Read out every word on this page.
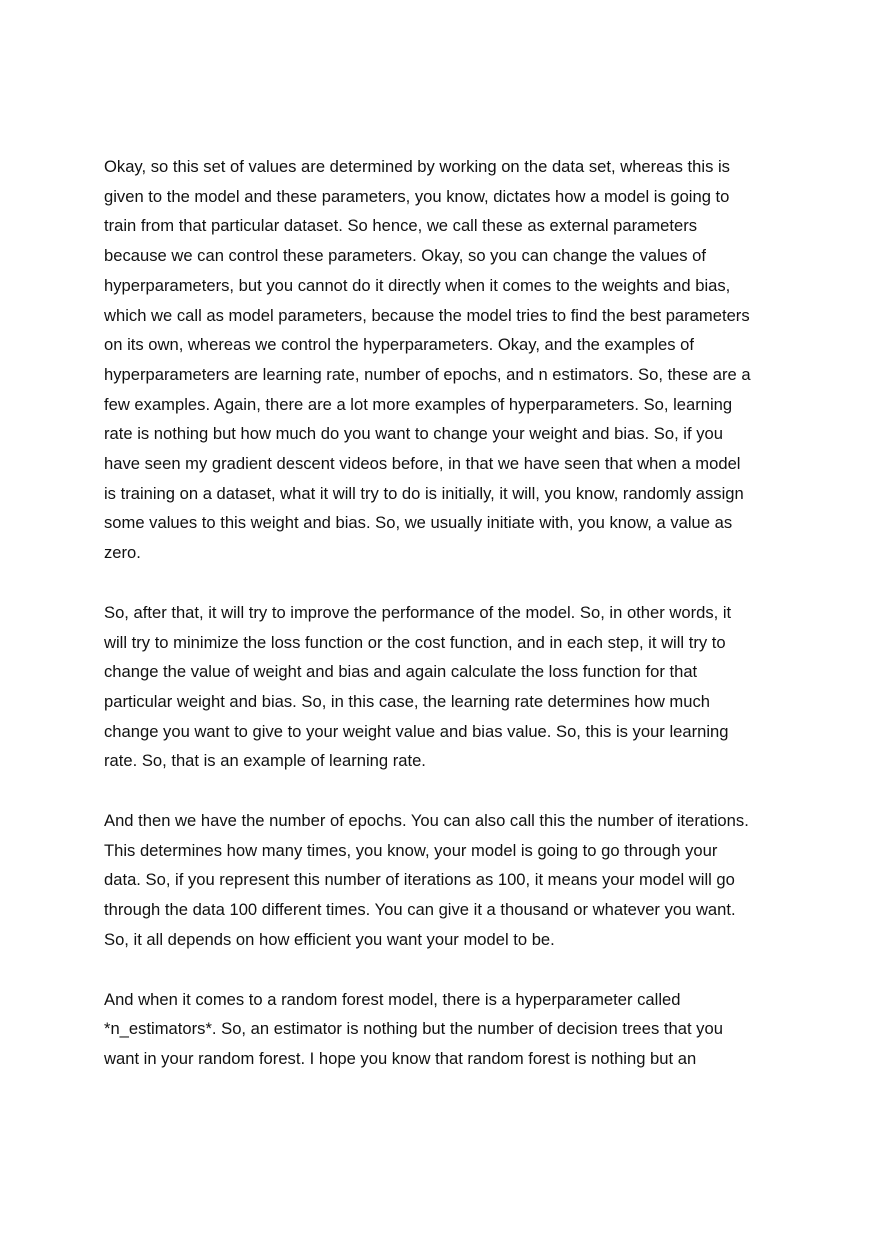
Okay, so this set of values are determined by working on the data set, whereas this is
given to the model and these parameters, you know, dictates how a model is going to
train from that particular dataset. So hence, we call these as external parameters
because we can control these parameters. Okay, so you can change the values of
hyperparameters, but you cannot do it directly when it comes to the weights and bias,
which we call as model parameters, because the model tries to find the best parameters
on its own, whereas we control the hyperparameters. Okay, and the examples of
hyperparameters are learning rate, number of epochs, and n estimators. So, these are a
few examples. Again, there are a lot more examples of hyperparameters. So, learning
rate is nothing but how much do you want to change your weight and bias. So, if you
have seen my gradient descent videos before, in that we have seen that when a model
is training on a dataset, what it will try to do is initially, it will, you know, randomly assign
some values to this weight and bias. So, we usually initiate with, you know, a value as
zero.

So, after that, it will try to improve the performance of the model. So, in other words, it
will try to minimize the loss function or the cost function, and in each step, it will try to
change the value of weight and bias and again calculate the loss function for that
particular weight and bias. So, in this case, the learning rate determines how much
change you want to give to your weight value and bias value. So, this is your learning
rate. So, that is an example of learning rate.

And then we have the number of epochs. You can also call this the number of iterations.
This determines how many times, you know, your model is going to go through your
data. So, if you represent this number of iterations as 100, it means your model will go
through the data 100 different times. You can give it a thousand or whatever you want.
So, it all depends on how efficient you want your model to be.

And when it comes to a random forest model, there is a hyperparameter called
*n_estimators*. So, an estimator is nothing but the number of decision trees that you
want in your random forest. I hope you know that random forest is nothing but an
